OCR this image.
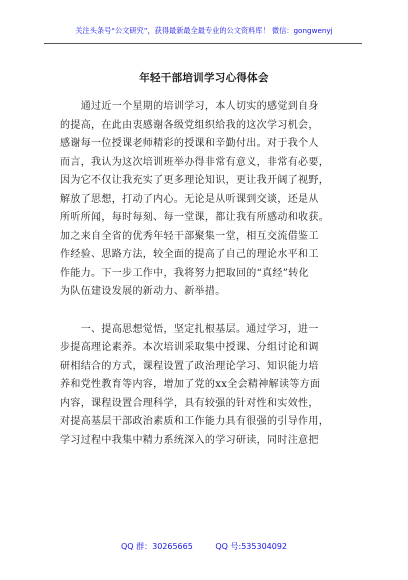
关注头条号“公文研究”，获得最新最全最专业的公文资料库！ 微信：gongwenyj
年轻干部培训学习心得体会
　　通过近一个星期的培训学习，本人切实的感觉到自身
的提高，在此由衷感谢各级党组织给我的这次学习机会，
感谢每一位授课老师精彩的授课和辛勤付出。对于我个人
而言，我认为这次培训班举办得非常有意义，非常有必要，
因为它不仅让我充实了更多理论知识，更让我开阔了视野，
解放了思想，打动了内心。无论是从听课到交谈，还是从
所听所闻，每时每刻、每一堂课，都让我有所感动和收获。
加之来自全省的优秀年轻干部聚集一堂，相互交流借鉴工
作经验、思路方法，较全面的提高了自己的理论水平和工
作能力。下一步工作中，我将努力把取回的“真经”转化
为队伍建设发展的新动力、新举措。
　　一、提高思想觉悟，坚定扎根基层。通过学习，进一
步提高理论素养。本次培训采取集中授课、分组讨论和调
研相结合的方式，课程设置了政治理论学习、知识能力培
养和党性教育等内容，增加了党的xx全会精神解读等方面
内容，课程设置合理科学，具有较强的针对性和实效性，
对提高基层干部政治素质和工作能力具有很强的引导作用，
学习过程中我集中精力系统深入的学习研读，同时注意把
QQ 群：30265665	QQ 号:535304092
